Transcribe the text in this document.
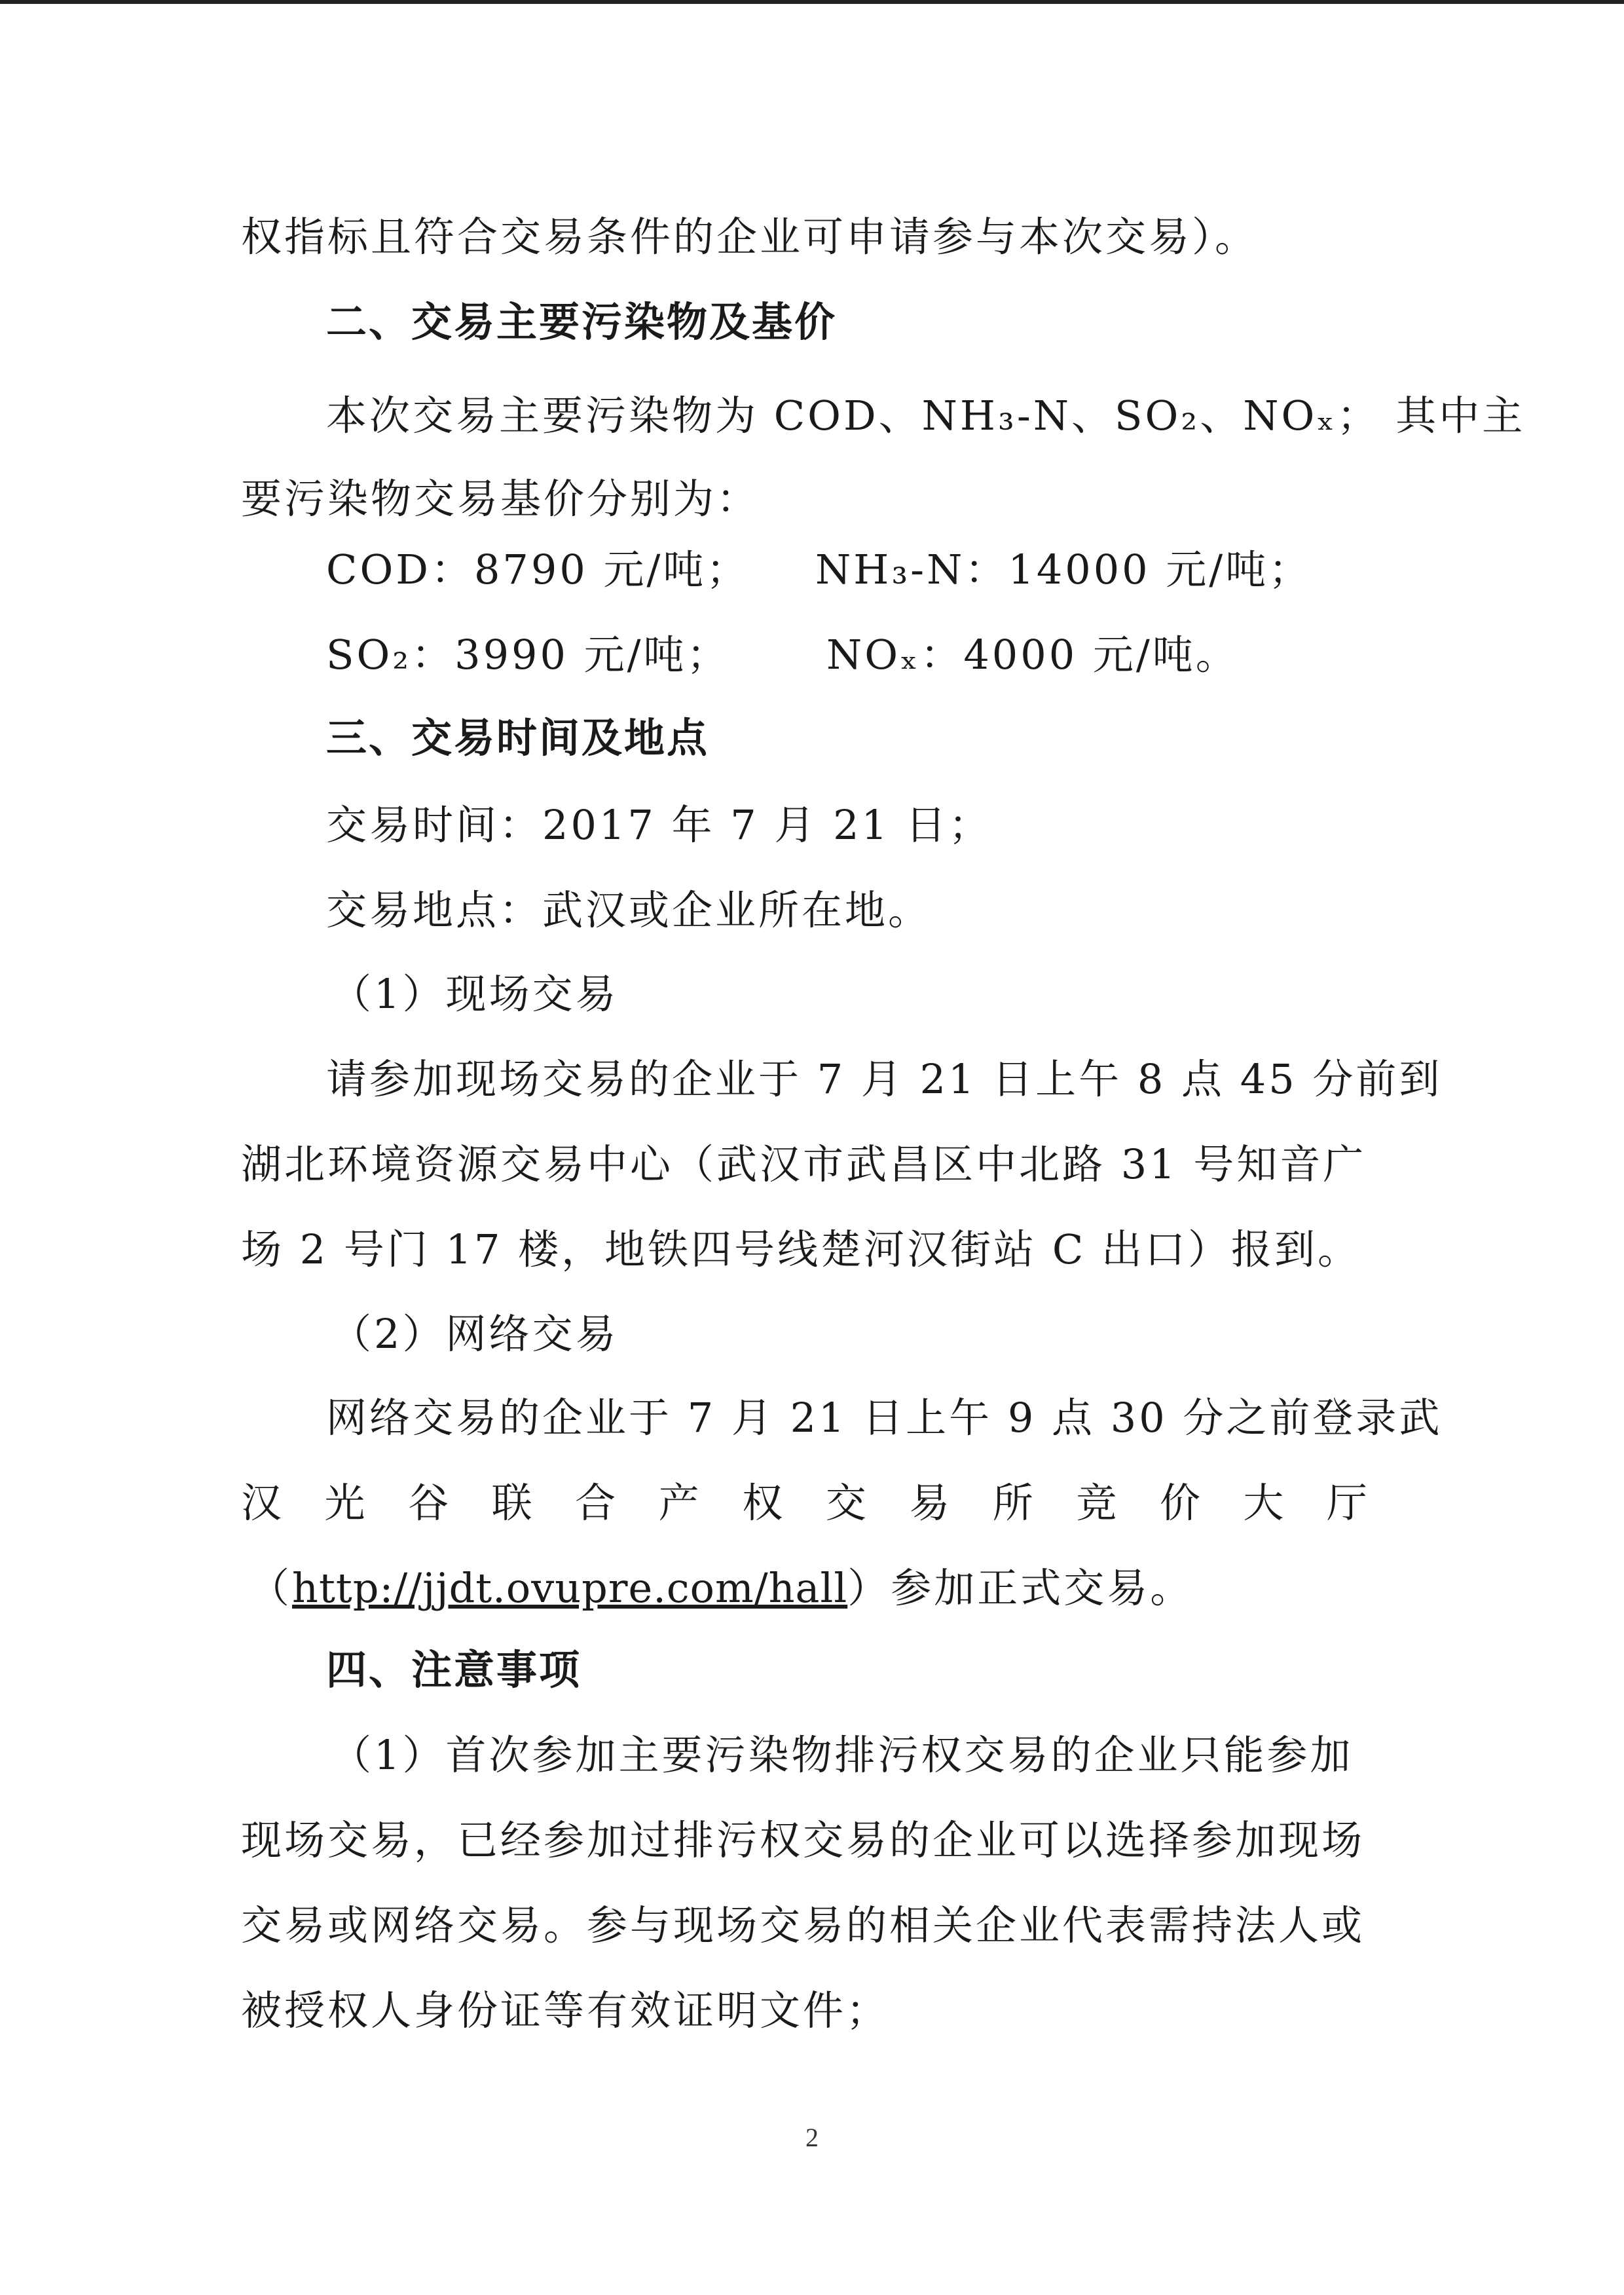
权指标且符合交易条件的企业可申请参与本次交易）。
二、交易主要污染物及基价
本次交易主要污染物为 COD、NH₃-N、SO₂、NOₓ； 其中主
要污染物交易基价分别为：
COD：8790 元/吨； NH₃-N：14000 元/吨；
SO₂：3990 元/吨； NOₓ：4000 元/吨。
三、交易时间及地点
交易时间：2017 年 7 月 21 日；
交易地点：武汉或企业所在地。
（1）现场交易
请参加现场交易的企业于 7 月 21 日上午 8 点 45 分前到
湖北环境资源交易中心（武汉市武昌区中北路 31 号知音广
场 2 号门 17 楼，地铁四号线楚河汉街站 C 出口）报到。
（2）网络交易
网络交易的企业于 7 月 21 日上午 9 点 30 分之前登录武
汉 光 谷 联 合 产 权 交 易 所 竞 价 大 厅
（http://jjdt.ovupre.com/hall）参加正式交易。
四、注意事项
（1）首次参加主要污染物排污权交易的企业只能参加
现场交易，已经参加过排污权交易的企业可以选择参加现场
交易或网络交易。参与现场交易的相关企业代表需持法人或
被授权人身份证等有效证明文件；
2
